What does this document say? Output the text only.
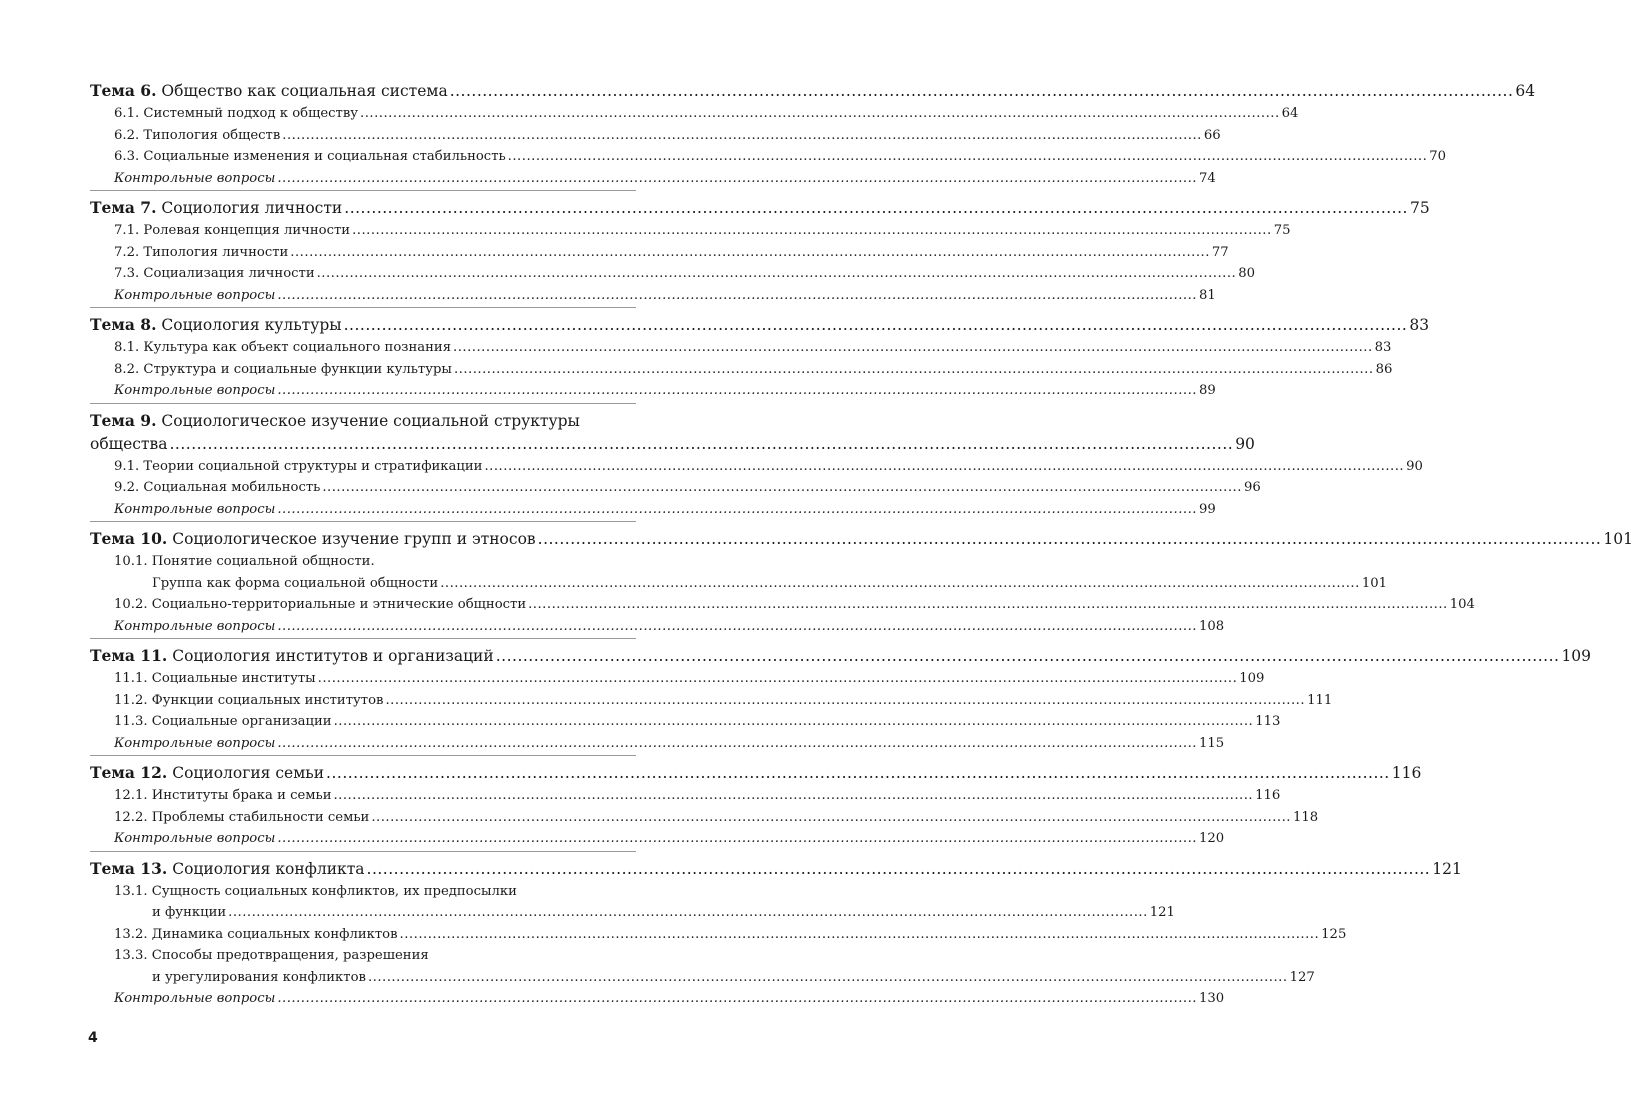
Тема 6. Общество как социальная система .....	64
6.1. Системный подход к обществу .....	64
6.2. Типология обществ .....	66
6.3. Социальные изменения и социальная стабильность .....	70
Контрольные вопросы .....	74
Тема 7. Социология личности .....	75
7.1. Ролевая концепция личности .....	75
7.2. Типология личности .....	77
7.3. Социализация личности .....	80
Контрольные вопросы .....	81
Тема 8. Социология культуры .....	83
8.1. Культура как объект социального познания .....	83
8.2. Структура и социальные функции культуры .....	86
Контрольные вопросы .....	89
Тема 9. Социологическое изучение социальной структуры
общества .....	90
9.1. Теории социальной структуры и стратификации .....	90
9.2. Социальная мобильность .....	96
Контрольные вопросы .....	99
Тема 10. Социологическое изучение групп и этносов .....	101
10.1. Понятие социальной общности.
Группа как форма социальной общности .....	101
10.2. Социально-территориальные и этнические общности .....	104
Контрольные вопросы .....	108
Тема 11. Социология институтов и организаций .....	109
11.1. Социальные институты .....	109
11.2. Функции социальных институтов .....	111
11.3. Социальные организации .....	113
Контрольные вопросы .....	115
Тема 12. Социология семьи .....	116
12.1. Институты брака и семьи .....	116
12.2. Проблемы стабильности семьи .....	118
Контрольные вопросы .....	120
Тема 13. Социология конфликта .....	121
13.1. Сущность социальных конфликтов, их предпосылки
и функции .....	121
13.2. Динамика социальных конфликтов .....	125
13.3. Способы предотвращения, разрешения
и урегулирования конфликтов .....	127
Контрольные вопросы .....	130
4
